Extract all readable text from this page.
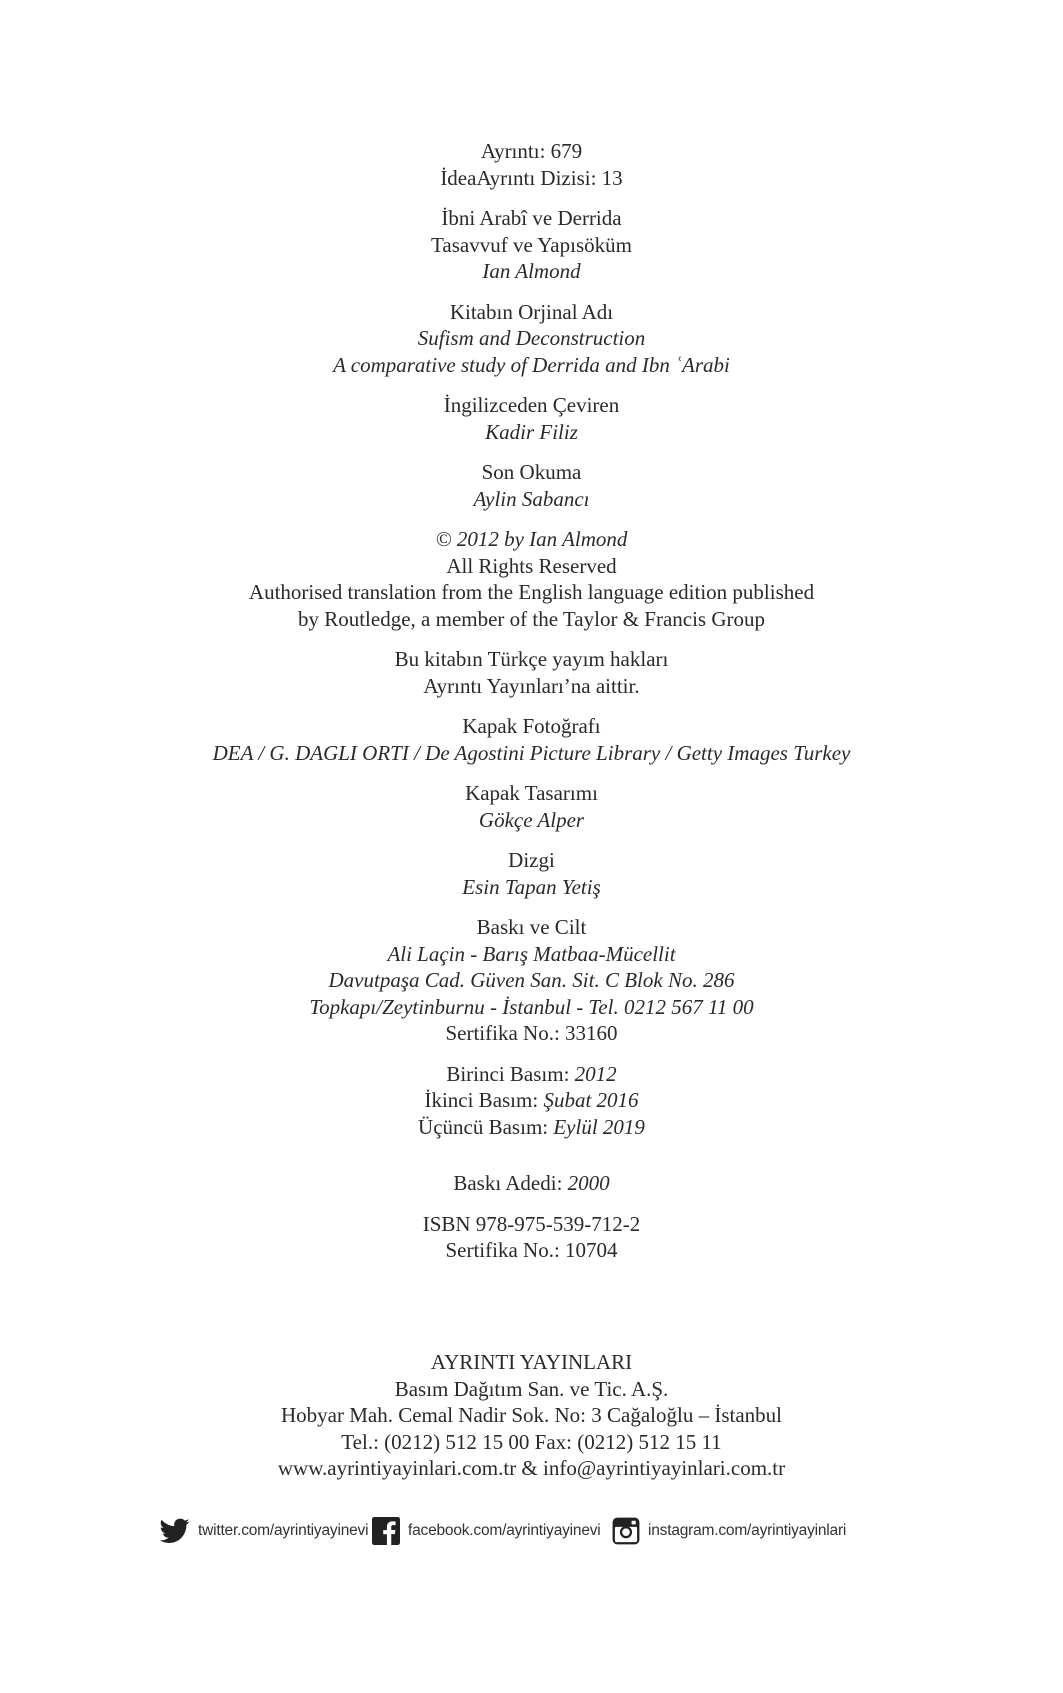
Ayrıntı: 679
İdeaAyrıntı Dizisi: 13
İbni Arabî ve Derrida
Tasavvuf ve Yapısöküm
Ian Almond
Kitabın Orjinal Adı
Sufism and Deconstruction
A comparative study of Derrida and Ibn ʿArabi
İngilizceden Çeviren
Kadir Filiz
Son Okuma
Aylin Sabancı
© 2012 by Ian Almond
All Rights Reserved
Authorised translation from the English language edition published
by Routledge, a member of the Taylor & Francis Group
Bu kitabın Türkçe yayım hakları
Ayrıntı Yayınları’na aittir.
Kapak Fotoğrafı
DEA / G. DAGLI ORTI / De Agostini Picture Library / Getty Images Turkey
Kapak Tasarımı
Gökçe Alper
Dizgi
Esin Tapan Yetiş
Baskı ve Cilt
Ali Laçin - Barış Matbaa-Mücellit
Davutpaşa Cad. Güven San. Sit. C Blok No. 286
Topkapı/Zeytinburnu - İstanbul - Tel. 0212 567 11 00
Sertifika No.: 33160
Birinci Basım: 2012
İkinci Basım: Şubat 2016
Üçüncü Basım: Eylül 2019
Baskı Adedi: 2000
ISBN 978-975-539-712-2
Sertifika No.: 10704
AYRINTI YAYINLARI
Basım Dağıtım San. ve Tic. A.Ş.
Hobyar Mah. Cemal Nadir Sok. No: 3 Cağaloğlu – İstanbul
Tel.: (0212) 512 15 00 Fax: (0212) 512 15 11
www.ayrintiyayinlari.com.tr & info@ayrintiyayinlari.com.tr
twitter.com/ayrintiyayinevi	facebook.com/ayrintiyayinevi	instagram.com/ayrintiyayinlari
